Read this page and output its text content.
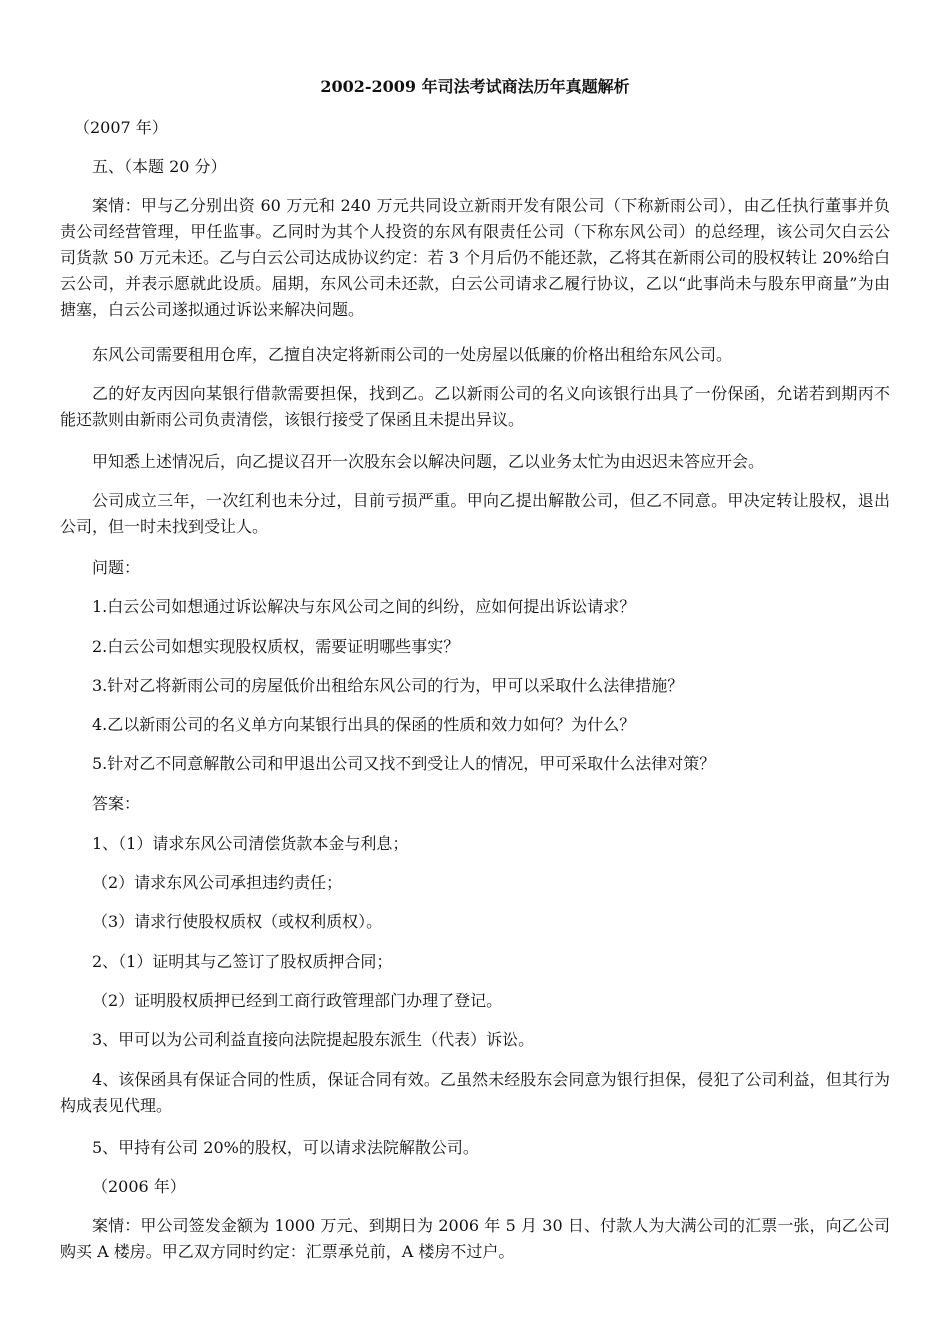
2002-2009 年司法考试商法历年真题解析
（2007 年）
五、（本题 20 分）
案情：甲与乙分别出资 60 万元和 240 万元共同设立新雨开发有限公司（下称新雨公司），由乙任执行董事并负责公司经营管理，甲任监事。乙同时为其个人投资的东风有限责任公司（下称东风公司）的总经理，该公司欠白云公司货款 50 万元未还。乙与白云公司达成协议约定：若 3 个月后仍不能还款，乙将其在新雨公司的股权转让 20%给白云公司，并表示愿就此设质。届期，东风公司未还款，白云公司请求乙履行协议，乙以“此事尚未与股东甲商量”为由搪塞，白云公司遂拟通过诉讼来解决问题。
东风公司需要租用仓库，乙擅自决定将新雨公司的一处房屋以低廉的价格出租给东风公司。
乙的好友丙因向某银行借款需要担保，找到乙。乙以新雨公司的名义向该银行出具了一份保函，允诺若到期丙不能还款则由新雨公司负责清偿，该银行接受了保函且未提出异议。
甲知悉上述情况后，向乙提议召开一次股东会以解决问题，乙以业务太忙为由迟迟未答应开会。
公司成立三年，一次红利也未分过，目前亏损严重。甲向乙提出解散公司，但乙不同意。甲决定转让股权，退出公司，但一时未找到受让人。
问题：
1.白云公司如想通过诉讼解决与东风公司之间的纠纷，应如何提出诉讼请求？
2.白云公司如想实现股权质权，需要证明哪些事实？
3.针对乙将新雨公司的房屋低价出租给东风公司的行为，甲可以采取什么法律措施？
4.乙以新雨公司的名义单方向某银行出具的保函的性质和效力如何？为什么？
5.针对乙不同意解散公司和甲退出公司又找不到受让人的情况，甲可采取什么法律对策？
答案：
1、（1）请求东风公司清偿货款本金与利息；
（2）请求东风公司承担违约责任；
（3）请求行使股权质权（或权利质权）。
2、（1）证明其与乙签订了股权质押合同；
（2）证明股权质押已经到工商行政管理部门办理了登记。
3、甲可以为公司利益直接向法院提起股东派生（代表）诉讼。
4、该保函具有保证合同的性质，保证合同有效。乙虽然未经股东会同意为银行担保，侵犯了公司利益，但其行为构成表见代理。
5、甲持有公司 20%的股权，可以请求法院解散公司。
（2006 年）
案情：甲公司签发金额为 1000 万元、到期日为 2006 年 5 月 30 日、付款人为大满公司的汇票一张，向乙公司购买 A 楼房。甲乙双方同时约定：汇票承兑前，A 楼房不过户。
